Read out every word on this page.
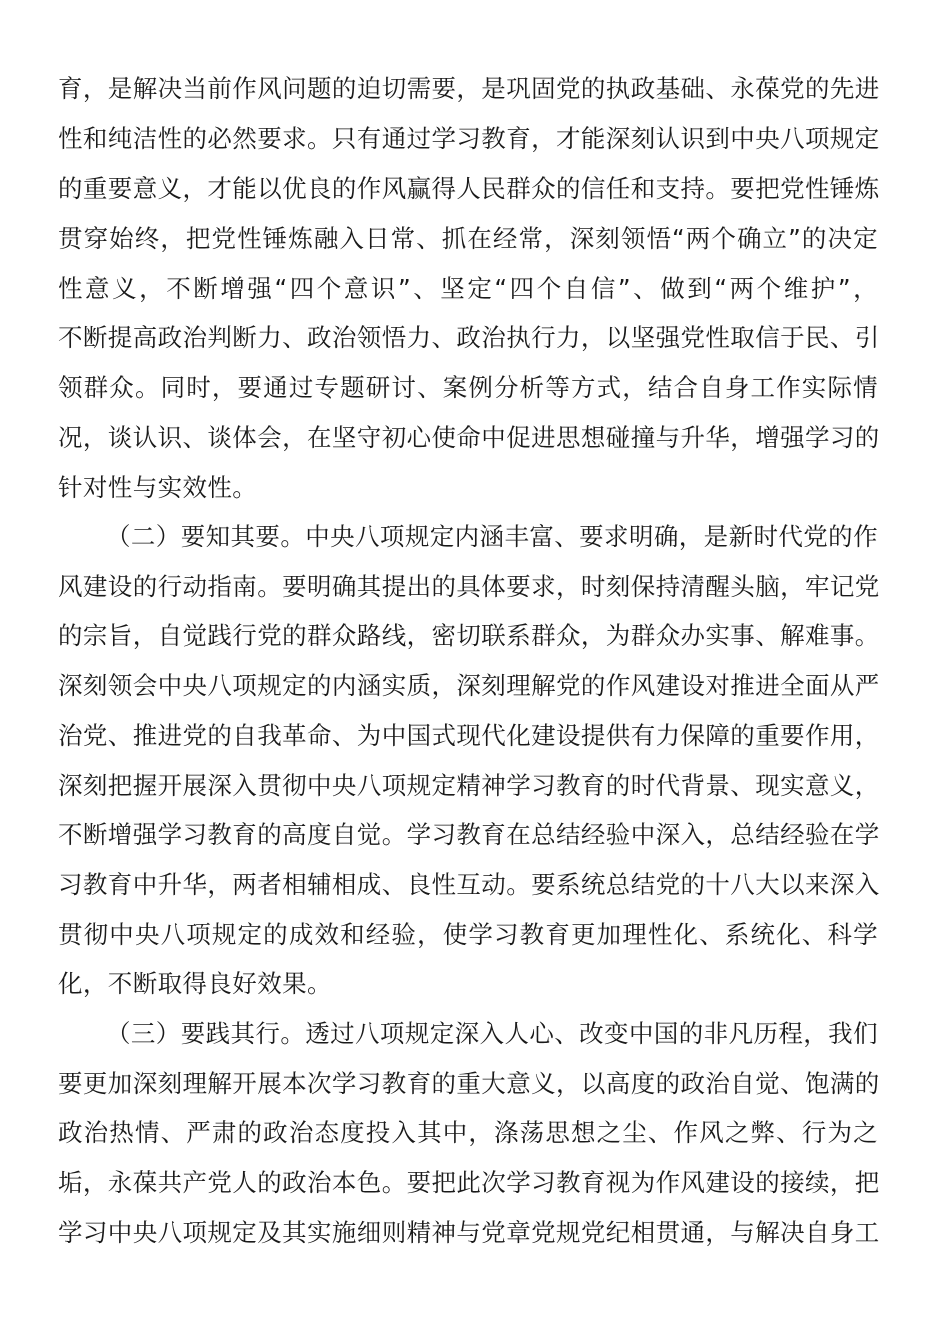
育，是解决当前作风问题的迫切需要，是巩固党的执政基础、永葆党的先进
性和纯洁性的必然要求。只有通过学习教育，才能深刻认识到中央八项规定
的重要意义，才能以优良的作风赢得人民群众的信任和支持。要把党性锤炼
贯穿始终，把党性锤炼融入日常、抓在经常，深刻领悟“两个确立”的决定
性意义，不断增强“四个意识”、坚定“四个自信”、做到“两个维护”，
不断提高政治判断力、政治领悟力、政治执行力，以坚强党性取信于民、引
领群众。同时，要通过专题研讨、案例分析等方式，结合自身工作实际情
况，谈认识、谈体会，在坚守初心使命中促进思想碰撞与升华，增强学习的
针对性与实效性。
（二）要知其要。中央八项规定内涵丰富、要求明确，是新时代党的作
风建设的行动指南。要明确其提出的具体要求，时刻保持清醒头脑，牢记党
的宗旨，自觉践行党的群众路线，密切联系群众，为群众办实事、解难事。
深刻领会中央八项规定的内涵实质，深刻理解党的作风建设对推进全面从严
治党、推进党的自我革命、为中国式现代化建设提供有力保障的重要作用，
深刻把握开展深入贯彻中央八项规定精神学习教育的时代背景、现实意义，
不断增强学习教育的高度自觉。学习教育在总结经验中深入，总结经验在学
习教育中升华，两者相辅相成、良性互动。要系统总结党的十八大以来深入
贯彻中央八项规定的成效和经验，使学习教育更加理性化、系统化、科学
化，不断取得良好效果。
（三）要践其行。透过八项规定深入人心、改变中国的非凡历程，我们
要更加深刻理解开展本次学习教育的重大意义，以高度的政治自觉、饱满的
政治热情、严肃的政治态度投入其中，涤荡思想之尘、作风之弊、行为之
垢，永葆共产党人的政治本色。要把此次学习教育视为作风建设的接续，把
学习中央八项规定及其实施细则精神与党章党规党纪相贯通，与解决自身工
